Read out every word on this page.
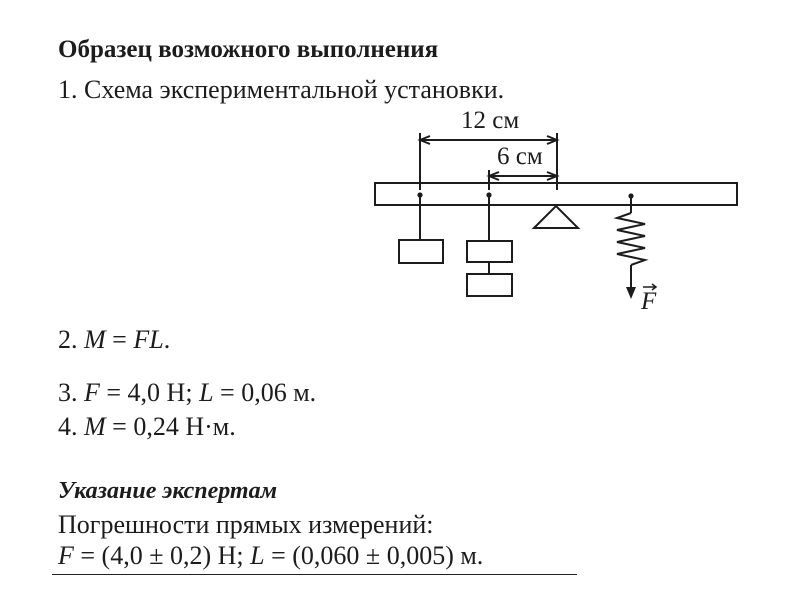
Образец возможного выполнения
1. Схема экспериментальной установки.
12 см
6 см
F
2. M = FL.
3. F = 4,0 Н; L = 0,06 м.
4. M = 0,24 Н·м.
Указание экспертам
Погрешности прямых измерений:
F = (4,0 ± 0,2) Н; L = (0,060 ± 0,005) м.
